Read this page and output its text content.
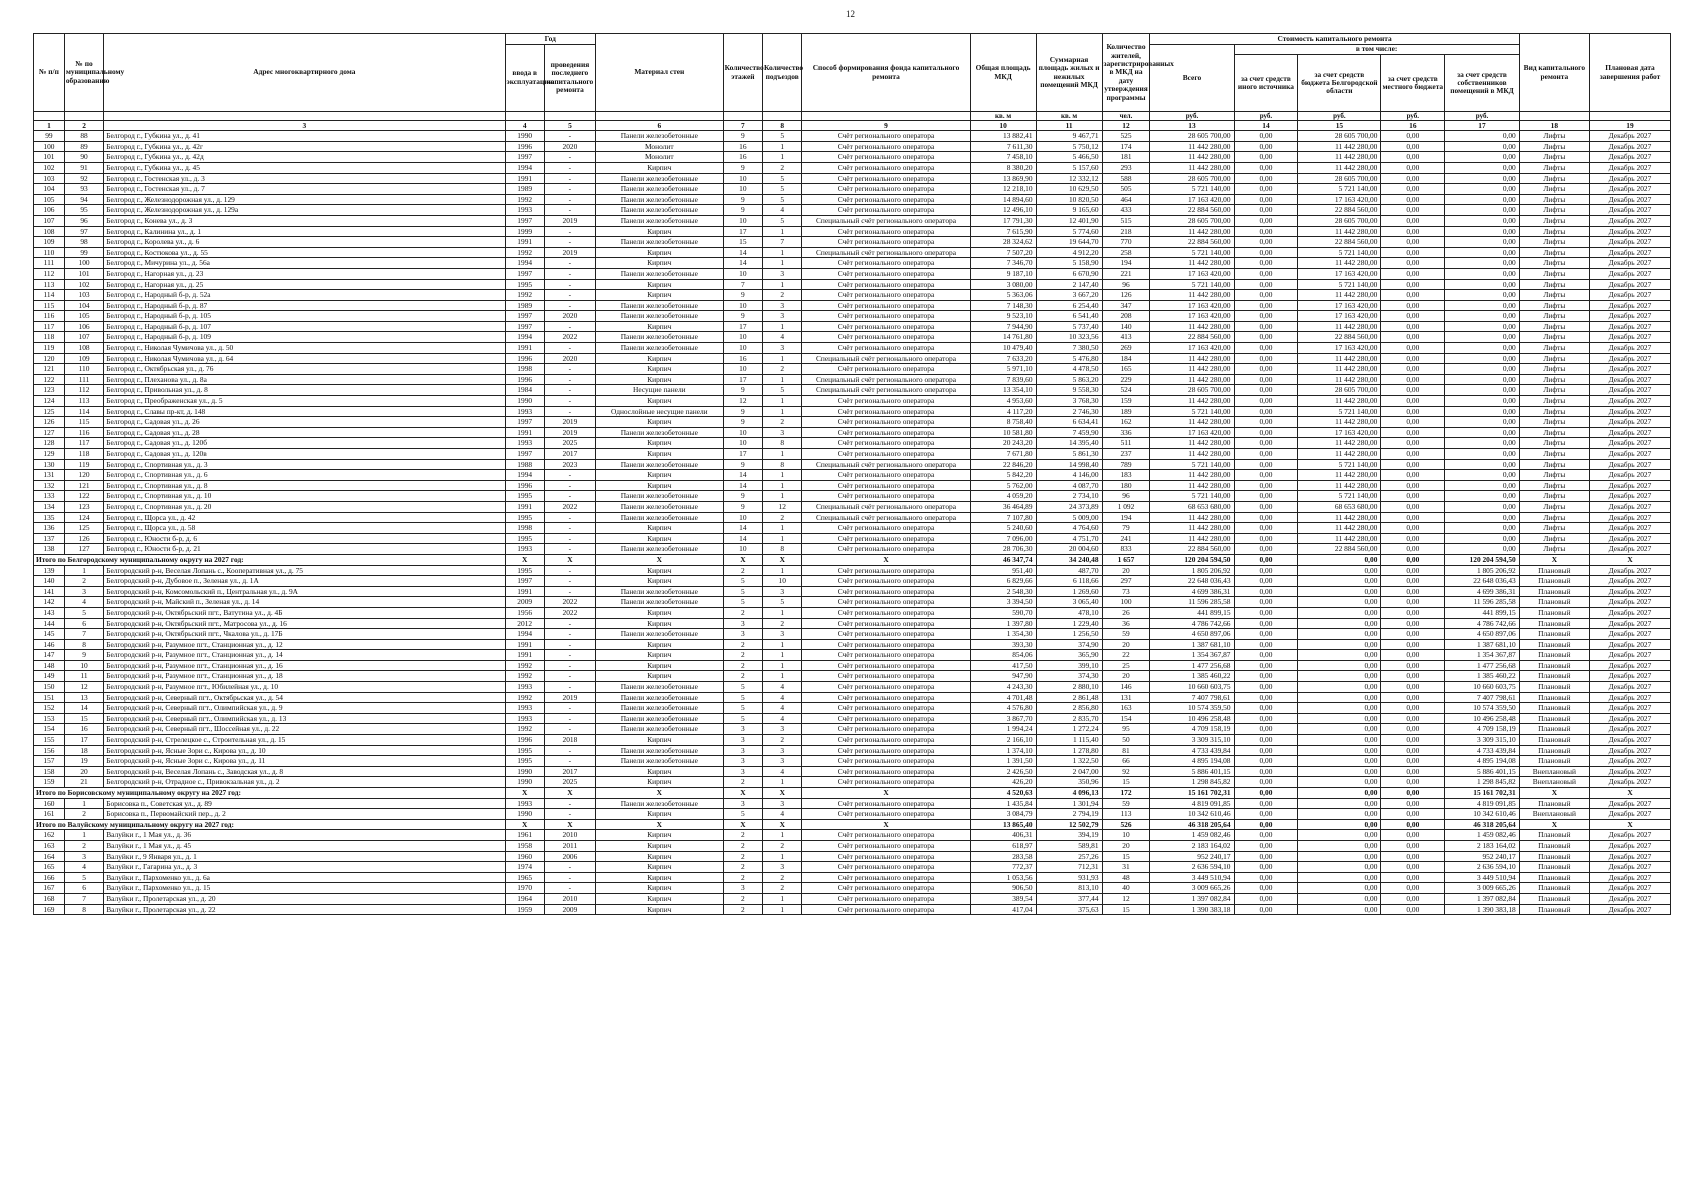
12
№ п/п	№ по муниципальному образованию	Адрес многоквартирного дома	Год		Материал стен	Количество этажей	Количество подъездов	Способ формирования фонда капитального ремонта	Общая площадь МКД	Суммарная площадь жилых и нежилых помещений МКД	Количество жителей, зарегистрированных в МКД на дату утверждения программы	Стоимость капитального ремонта					Вид капитального ремонта	Плановая дата завершения работ
			ввода в эксплуатацию	проведения последнего капитального ремонта								Всего	в том числе:					
													за счет средств иного источника	за счет средств бюджета Белгородской области	за счет средств местного бюджета	за счет средств собственников помещений в МКД		
									кв. м	кв. м	чел.	руб.	руб.	руб.	руб.	руб.		
1	2	3	4	5	6	7	8	9	10	11	12	13	14	15	16	17	18	19
99	88	Белгород г., Губкина ул., д. 41	1990	-	Панели железобетонные	9	5	Счёт регионального оператора	13 882,41	9 467,71	525	28 605 700,00	0,00	28 605 700,00	0,00	0,00	Лифты	Декабрь 2027
100	89	Белгород г., Губкина ул., д. 42г	1996	2020	Монолит	16	1	Счёт регионального оператора	7 611,30	5 750,12	174	11 442 280,00	0,00	11 442 280,00	0,00	0,00	Лифты	Декабрь 2027
101	90	Белгород г., Губкина ул., д. 42д	1997	-	Монолит	16	1	Счёт регионального оператора	7 458,10	5 466,50	181	11 442 280,00	0,00	11 442 280,00	0,00	0,00	Лифты	Декабрь 2027
102	91	Белгород г., Губкина ул., д. 45	1994	-	Кирпич	9	2	Счёт регионального оператора	8 380,20	5 157,60	293	11 442 280,00	0,00	11 442 280,00	0,00	0,00	Лифты	Декабрь 2027
103	92	Белгород г., Гостенская ул., д. 3	1991	-	Панели железобетонные	10	5	Счёт регионального оператора	13 869,90	12 332,12	588	28 605 700,00	0,00	28 605 700,00	0,00	0,00	Лифты	Декабрь 2027
104	93	Белгород г., Гостенская ул., д. 7	1989	-	Панели железобетонные	10	5	Счёт регионального оператора	12 218,10	10 629,50	505	5 721 140,00	0,00	5 721 140,00	0,00	0,00	Лифты	Декабрь 2027
105	94	Белгород г., Железнодорожная ул., д. 129	1992	-	Панели железобетонные	9	5	Счёт регионального оператора	14 894,60	10 820,50	464	17 163 420,00	0,00	17 163 420,00	0,00	0,00	Лифты	Декабрь 2027
106	95	Белгород г., Железнодорожная ул., д. 129а	1993	-	Панели железобетонные	9	4	Счёт регионального оператора	12 496,10	9 165,60	433	22 884 560,00	0,00	22 884 560,00	0,00	0,00	Лифты	Декабрь 2027
107	96	Белгород г., Конева ул., д. 3	1997	2019	Панели железобетонные	10	5	Специальный счёт регионального оператора	17 791,30	12 401,90	515	28 605 700,00	0,00	28 605 700,00	0,00	0,00	Лифты	Декабрь 2027
108	97	Белгород г., Калинина ул., д. 1	1999	-	Кирпич	17	1	Счёт регионального оператора	7 615,90	5 774,60	218	11 442 280,00	0,00	11 442 280,00	0,00	0,00	Лифты	Декабрь 2027
109	98	Белгород г., Королева ул., д. 6	1991	-	Панели железобетонные	15	7	Счёт регионального оператора	28 324,62	19 644,70	770	22 884 560,00	0,00	22 884 560,00	0,00	0,00	Лифты	Декабрь 2027
110	99	Белгород г., Костюкова ул., д. 55	1992	2019	Кирпич	14	1	Специальный счёт регионального оператора	7 507,20	4 912,20	258	5 721 140,00	0,00	5 721 140,00	0,00	0,00	Лифты	Декабрь 2027
111	100	Белгород г., Мичурина ул., д. 56а	1994	-	Кирпич	14	1	Счёт регионального оператора	7 346,70	5 158,90	194	11 442 280,00	0,00	11 442 280,00	0,00	0,00	Лифты	Декабрь 2027
112	101	Белгород г., Нагорная ул., д. 23	1997	-	Панели железобетонные	10	3	Счёт регионального оператора	9 187,10	6 670,90	221	17 163 420,00	0,00	17 163 420,00	0,00	0,00	Лифты	Декабрь 2027
113	102	Белгород г., Нагорная ул., д. 25	1995	-	Кирпич	7	1	Счёт регионального оператора	3 080,00	2 147,40	96	5 721 140,00	0,00	5 721 140,00	0,00	0,00	Лифты	Декабрь 2027
114	103	Белгород г., Народный б-р, д. 52а	1992	-	Кирпич	9	2	Счёт регионального оператора	5 363,06	3 667,20	126	11 442 280,00	0,00	11 442 280,00	0,00	0,00	Лифты	Декабрь 2027
115	104	Белгород г., Народный б-р, д. 87	1989	-	Панели железобетонные	10	3	Счёт регионального оператора	7 148,30	6 254,40	347	17 163 420,00	0,00	17 163 420,00	0,00	0,00	Лифты	Декабрь 2027
116	105	Белгород г., Народный б-р, д. 105	1997	2020	Панели железобетонные	9	3	Счёт регионального оператора	9 523,10	6 541,40	208	17 163 420,00	0,00	17 163 420,00	0,00	0,00	Лифты	Декабрь 2027
117	106	Белгород г., Народный б-р, д. 107	1997	-	Кирпич	17	1	Счёт регионального оператора	7 944,90	5 737,40	140	11 442 280,00	0,00	11 442 280,00	0,00	0,00	Лифты	Декабрь 2027
118	107	Белгород г., Народный б-р, д. 109	1994	2022	Панели железобетонные	10	4	Счёт регионального оператора	14 761,80	10 323,56	413	22 884 560,00	0,00	22 884 560,00	0,00	0,00	Лифты	Декабрь 2027
119	108	Белгород г., Николая Чумичова ул., д. 50	1991	-	Панели железобетонные	10	3	Счёт регионального оператора	10 479,40	7 380,50	269	17 163 420,00	0,00	17 163 420,00	0,00	0,00	Лифты	Декабрь 2027
120	109	Белгород г., Николая Чумичова ул., д. 64	1996	2020	Кирпич	16	1	Специальный счёт регионального оператора	7 633,20	5 476,80	184	11 442 280,00	0,00	11 442 280,00	0,00	0,00	Лифты	Декабрь 2027
121	110	Белгород г., Октябрьская ул., д. 76	1998	-	Кирпич	10	2	Счёт регионального оператора	5 971,10	4 478,50	165	11 442 280,00	0,00	11 442 280,00	0,00	0,00	Лифты	Декабрь 2027
122	111	Белгород г., Плехановa ул., д. 8а	1996	-	Кирпич	17	1	Специальный счёт регионального оператора	7 839,60	5 863,20	229	11 442 280,00	0,00	11 442 280,00	0,00	0,00	Лифты	Декабрь 2027
123	112	Белгород г., Привольная ул., д. 8	1984	-	Несущие панели	9	5	Специальный счёт регионального оператора	13 354,10	9 558,30	524	28 605 700,00	0,00	28 605 700,00	0,00	0,00	Лифты	Декабрь 2027
124	113	Белгород г., Преображенская ул., д. 5	1990	-	Кирпич	12	1	Счёт регионального оператора	4 953,60	3 768,30	159	11 442 280,00	0,00	11 442 280,00	0,00	0,00	Лифты	Декабрь 2027
125	114	Белгород г., Славы пр-кт, д. 148	1993	-	Однослойные несущие панели	9	1	Счёт регионального оператора	4 117,20	2 746,30	189	5 721 140,00	0,00	5 721 140,00	0,00	0,00	Лифты	Декабрь 2027
126	115	Белгород г., Садовая ул., д. 26	1997	2019	Кирпич	9	2	Счёт регионального оператора	8 758,40	6 634,41	162	11 442 280,00	0,00	11 442 280,00	0,00	0,00	Лифты	Декабрь 2027
127	116	Белгород г., Садовая ул., д. 28	1991	2019	Панели железобетонные	10	3	Счёт регионального оператора	10 581,80	7 459,90	336	17 163 420,00	0,00	17 163 420,00	0,00	0,00	Лифты	Декабрь 2027
128	117	Белгород г., Садовая ул., д. 120б	1993	2025	Кирпич	10	8	Счёт регионального оператора	20 243,20	14 395,40	511	11 442 280,00	0,00	11 442 280,00	0,00	0,00	Лифты	Декабрь 2027
129	118	Белгород г., Садовая ул., д. 120в	1997	2017	Кирпич	17	1	Счёт регионального оператора	7 671,80	5 861,30	237	11 442 280,00	0,00	11 442 280,00	0,00	0,00	Лифты	Декабрь 2027
130	119	Белгород г., Спортивная ул., д. 3	1988	2023	Панели железобетонные	9	8	Специальный счёт регионального оператора	22 846,20	14 998,40	789	5 721 140,00	0,00	5 721 140,00	0,00	0,00	Лифты	Декабрь 2027
131	120	Белгород г., Спортивная ул., д. 6	1994	-	Кирпич	14	1	Счёт регионального оператора	5 842,20	4 146,00	183	11 442 280,00	0,00	11 442 280,00	0,00	0,00	Лифты	Декабрь 2027
132	121	Белгород г., Спортивная ул., д. 8	1996	-	Кирпич	14	1	Счёт регионального оператора	5 762,00	4 087,70	180	11 442 280,00	0,00	11 442 280,00	0,00	0,00	Лифты	Декабрь 2027
133	122	Белгород г., Спортивная ул., д. 10	1995	-	Панели железобетонные	9	1	Счёт регионального оператора	4 059,20	2 734,10	96	5 721 140,00	0,00	5 721 140,00	0,00	0,00	Лифты	Декабрь 2027
134	123	Белгород г., Спортивная ул., д. 20	1991	2022	Панели железобетонные	9	12	Специальный счёт регионального оператора	36 464,89	24 373,89	1 092	68 653 680,00	0,00	68 653 680,00	0,00	0,00	Лифты	Декабрь 2027
135	124	Белгород г., Щорса ул., д. 42	1995	-	Панели железобетонные	10	2	Специальный счёт регионального оператора	7 107,80	5 009,00	194	11 442 280,00	0,00	11 442 280,00	0,00	0,00	Лифты	Декабрь 2027
136	125	Белгород г., Щорса ул., д. 58	1998	-	Кирпич	14	1	Счёт регионального оператора	5 240,60	4 764,60	79	11 442 280,00	0,00	11 442 280,00	0,00	0,00	Лифты	Декабрь 2027
137	126	Белгород г., Юности б-р, д. 6	1995	-	Кирпич	14	1	Счёт регионального оператора	7 096,00	4 751,70	241	11 442 280,00	0,00	11 442 280,00	0,00	0,00	Лифты	Декабрь 2027
138	127	Белгород г., Юности б-р, д. 21	1993	-	Панели железобетонные	10	8	Счёт регионального оператора	28 706,30	20 004,60	833	22 884 560,00	0,00	22 884 560,00	0,00	0,00	Лифты	Декабрь 2027
Итого по Белгородскому муниципальному округу на 2027 год:			X	X	X	X	X	X	46 347,74	34 240,48	1 657	120 204 594,50	0,00	0,00	0,00	120 204 594,50	X	X
139	1	Белгородский р-н, Веселая Лопань с., Кооперативная ул., д. 75	1995	-	Кирпич	2	1	Счёт регионального оператора	951,40	487,70	20	1 805 206,92	0,00	0,00	0,00	1 805 206,92	Плановый	Декабрь 2027
140	2	Белгородский р-н, Дубовое п., Зеленая ул., д. 1А	1997	-	Кирпич	5	10	Счёт регионального оператора	6 829,66	6 118,66	297	22 648 036,43	0,00	0,00	0,00	22 648 036,43	Плановый	Декабрь 2027
141	3	Белгородский р-н, Комсомольский п., Центральная ул., д. 9А	1991	-	Панели железобетонные	5	3	Счёт регионального оператора	2 548,30	1 269,60	73	4 699 386,31	0,00	0,00	0,00	4 699 386,31	Плановый	Декабрь 2027
142	4	Белгородский р-н, Майский п., Зеленая ул., д. 14	2009	2022	Панели железобетонные	5	5	Счёт регионального оператора	3 394,50	3 065,40	100	11 596 285,58	0,00	0,00	0,00	11 596 285,58	Плановый	Декабрь 2027
143	5	Белгородский р-н, Октябрьский пгт., Ватутина ул., д. 4Б	1956	2022	Кирпич	2	1	Счёт регионального оператора	590,70	478,10	26	441 899,15	0,00	0,00	0,00	441 899,15	Плановый	Декабрь 2027
144	6	Белгородский р-н, Октябрьский пгт., Матросова ул., д. 16	2012	-	Кирпич	3	2	Счёт регионального оператора	1 397,80	1 229,40	36	4 786 742,66	0,00	0,00	0,00	4 786 742,66	Плановый	Декабрь 2027
145	7	Белгородский р-н, Октябрьский пгт., Чкалова ул., д. 17Б	1994	-	Панели железобетонные	3	3	Счёт регионального оператора	1 354,30	1 256,50	59	4 650 897,06	0,00	0,00	0,00	4 650 897,06	Плановый	Декабрь 2027
146	8	Белгородский р-н, Разумное пгт., Станционная ул., д. 12	1991	-	Кирпич	2	1	Счёт регионального оператора	393,30	374,90	20	1 387 681,10	0,00	0,00	0,00	1 387 681,10	Плановый	Декабрь 2027
147	9	Белгородский р-н, Разумное пгт., Станционная ул., д. 14	1991	-	Кирпич	2	1	Счёт регионального оператора	854,06	365,90	22	1 354 367,87	0,00	0,00	0,00	1 354 367,87	Плановый	Декабрь 2027
148	10	Белгородский р-н, Разумное пгт., Станционная ул., д. 16	1992	-	Кирпич	2	1	Счёт регионального оператора	417,50	399,10	25	1 477 256,68	0,00	0,00	0,00	1 477 256,68	Плановый	Декабрь 2027
149	11	Белгородский р-н, Разумное пгт., Станционная ул., д. 18	1992	-	Кирпич	2	1	Счёт регионального оператора	947,90	374,30	20	1 385 460,22	0,00	0,00	0,00	1 385 460,22	Плановый	Декабрь 2027
150	12	Белгородский р-н, Разумное пгт., Юбилейная ул., д. 10	1993	-	Панели железобетонные	5	4	Счёт регионального оператора	4 243,30	2 880,10	146	10 660 603,75	0,00	0,00	0,00	10 660 603,75	Плановый	Декабрь 2027
151	13	Белгородский р-н, Северный пгт., Октябрьская ул., д. 54	1992	2019	Панели железобетонные	5	4	Счёт регионального оператора	4 701,48	2 861,48	131	7 407 798,61	0,00	0,00	0,00	7 407 798,61	Плановый	Декабрь 2027
152	14	Белгородский р-н, Северный пгт., Олимпийская ул., д. 9	1993	-	Панели железобетонные	5	4	Счёт регионального оператора	4 576,80	2 856,80	163	10 574 359,50	0,00	0,00	0,00	10 574 359,50	Плановый	Декабрь 2027
153	15	Белгородский р-н, Северный пгт., Олимпийская ул., д. 13	1993	-	Панели железобетонные	5	4	Счёт регионального оператора	3 867,70	2 835,70	154	10 496 258,48	0,00	0,00	0,00	10 496 258,48	Плановый	Декабрь 2027
154	16	Белгородский р-н, Северный пгт., Шоссейная ул., д. 22	1992	-	Панели железобетонные	3	3	Счёт регионального оператора	1 994,24	1 272,24	95	4 709 158,19	0,00	0,00	0,00	4 709 158,19	Плановый	Декабрь 2027
155	17	Белгородский р-н, Стрелецкое с., Строительная ул., д. 15	1996	2018	Кирпич	3	2	Счёт регионального оператора	2 166,10	1 115,40	50	3 309 315,10	0,00	0,00	0,00	3 309 315,10	Плановый	Декабрь 2027
156	18	Белгородский р-н, Ясные Зори с., Кирова ул., д. 10	1995	-	Панели железобетонные	3	3	Счёт регионального оператора	1 374,10	1 278,80	81	4 733 439,84	0,00	0,00	0,00	4 733 439,84	Плановый	Декабрь 2027
157	19	Белгородский р-н, Ясные Зори с., Кирова ул., д. 11	1995	-	Панели железобетонные	3	3	Счёт регионального оператора	1 391,50	1 322,50	66	4 895 194,08	0,00	0,00	0,00	4 895 194,08	Плановый	Декабрь 2027
158	20	Белгородский р-н, Веселая Лопань с., Заводская ул., д. 8	1990	2017	Кирпич	3	4	Счёт регионального оператора	2 426,50	2 047,00	92	5 886 401,15	0,00	0,00	0,00	5 886 401,15	Внеплановый	Декабрь 2027
159	21	Белгородский р-н, Отрадное с., Привокзальная ул., д. 2	1990	2025	Кирпич	2	1	Счёт регионального оператора	426,20	350,96	15	1 298 845,82	0,00	0,00	0,00	1 298 845,82	Внеплановый	Декабрь 2027
Итого по Борисовскому муниципальному округу на 2027 год:			X	X	X	X	X	X	4 520,63	4 096,13	172	15 161 702,31	0,00	0,00	0,00	15 161 702,31	X	X
160	1	Борисовка п., Советская ул., д. 89	1993	-	Панели железобетонные	3	3	Счёт регионального оператора	1 435,84	1 301,94	59	4 819 091,85	0,00	0,00	0,00	4 819 091,85	Плановый	Декабрь 2027
161	2	Борисовка п., Первомайский пер., д. 2	1990	-	Кирпич	5	4	Счёт регионального оператора	3 084,79	2 794,19	113	10 342 610,46	0,00	0,00	0,00	10 342 610,46	Внеплановый	Декабрь 2027
Итого по Валуйскому муниципальному округу на 2027 год:			X	X	X	X	X	X	13 865,40	12 502,79	526	46 318 205,64	0,00	0,00	0,00	46 318 205,64	X	X
162	1	Валуйки г., 1 Мая ул., д. 36	1961	2010	Кирпич	2	1	Счёт регионального оператора	406,31	394,19	10	1 459 082,46	0,00	0,00	0,00	1 459 082,46	Плановый	Декабрь 2027
163	2	Валуйки г., 1 Мая ул., д. 45	1958	2011	Кирпич	2	2	Счёт регионального оператора	618,97	589,81	20	2 183 164,02	0,00	0,00	0,00	2 183 164,02	Плановый	Декабрь 2027
164	3	Валуйки г., 9 Января ул., д. 1	1960	2006	Кирпич	2	1	Счёт регионального оператора	283,58	257,26	15	952 240,17	0,00	0,00	0,00	952 240,17	Плановый	Декабрь 2027
165	4	Валуйки г., Гагарина ул., д. 3	1974	-	Кирпич	2	3	Счёт регионального оператора	772,37	712,31	31	2 636 594,10	0,00	0,00	0,00	2 636 594,10	Плановый	Декабрь 2027
166	5	Валуйки г., Пархоменко ул., д. 6а	1965	-	Кирпич	2	2	Счёт регионального оператора	1 053,56	931,93	48	3 449 510,94	0,00	0,00	0,00	3 449 510,94	Плановый	Декабрь 2027
167	6	Валуйки г., Пархоменко ул., д. 15	1970	-	Кирпич	3	2	Счёт регионального оператора	906,50	813,10	40	3 009 665,26	0,00	0,00	0,00	3 009 665,26	Плановый	Декабрь 2027
168	7	Валуйки г., Пролетарская ул., д. 20	1964	2010	Кирпич	2	1	Счёт регионального оператора	389,54	377,44	12	1 397 082,84	0,00	0,00	0,00	1 397 082,84	Плановый	Декабрь 2027
169	8	Валуйки г., Пролетарская ул., д. 22	1959	2009	Кирпич	2	1	Счёт регионального оператора	417,04	375,63	15	1 390 383,18	0,00	0,00	0,00	1 390 383,18	Плановый	Декабрь 2027
